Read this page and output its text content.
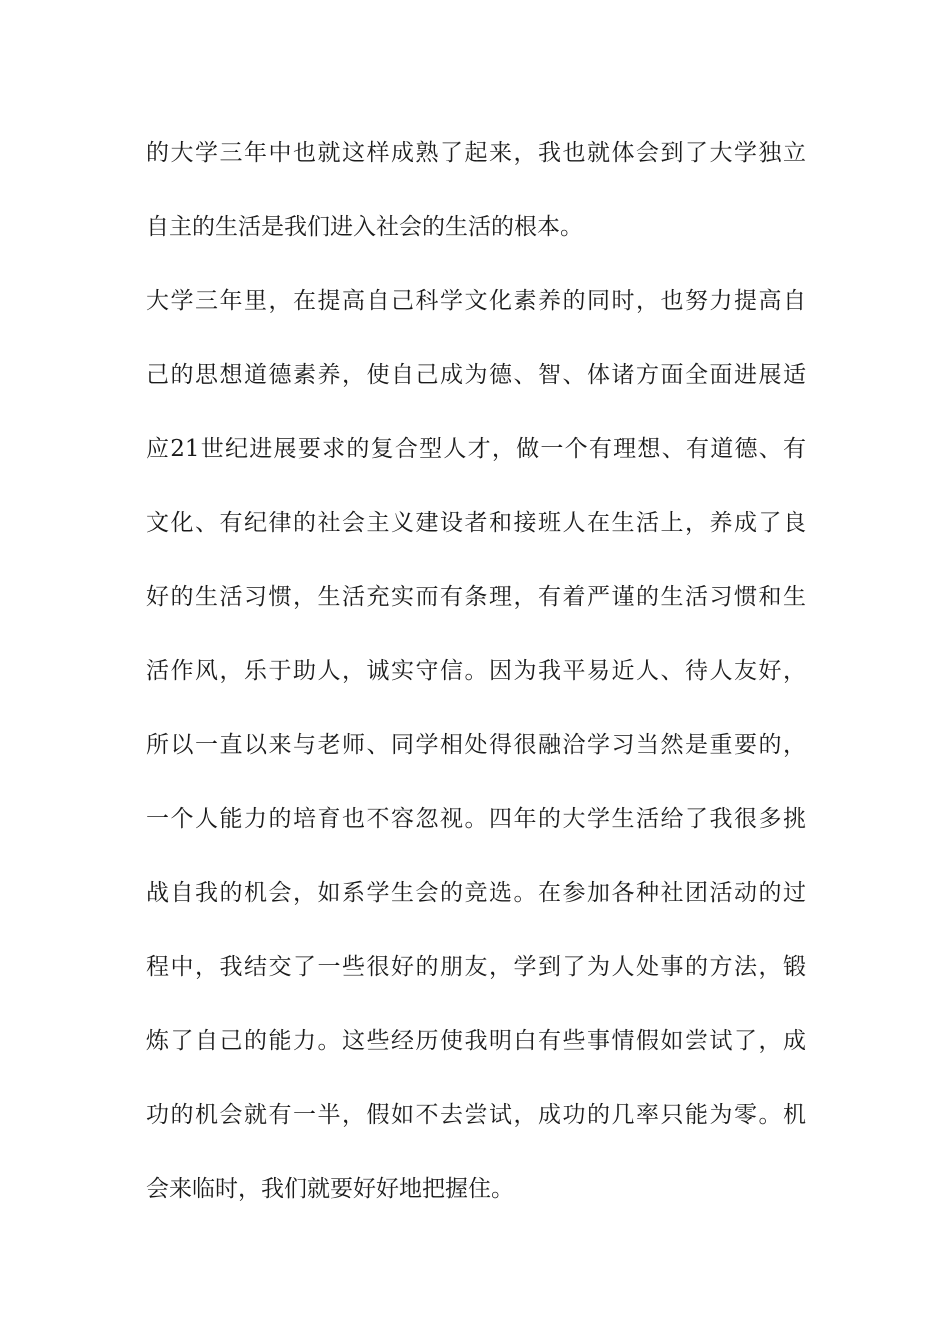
的大学三年中也就这样成熟了起来，我也就体会到了大学独立

自主的生活是我们进入社会的生活的根本。

大学三年里，在提高自己科学文化素养的同时，也努力提高自

己的思想道德素养，使自己成为德、智、体诸方面全面进展适

应21世纪进展要求的复合型人才，做一个有理想、有道德、有

文化、有纪律的社会主义建设者和接班人在生活上，养成了良

好的生活习惯，生活充实而有条理，有着严谨的生活习惯和生

活作风，乐于助人，诚实守信。因为我平易近人、待人友好，

所以一直以来与老师、同学相处得很融洽学习当然是重要的，

一个人能力的培育也不容忽视。四年的大学生活给了我很多挑

战自我的机会，如系学生会的竞选。在参加各种社团活动的过

程中，我结交了一些很好的朋友，学到了为人处事的方法，锻

炼了自己的能力。这些经历使我明白有些事情假如尝试了，成

功的机会就有一半，假如不去尝试，成功的几率只能为零。机

会来临时，我们就要好好地把握住。
